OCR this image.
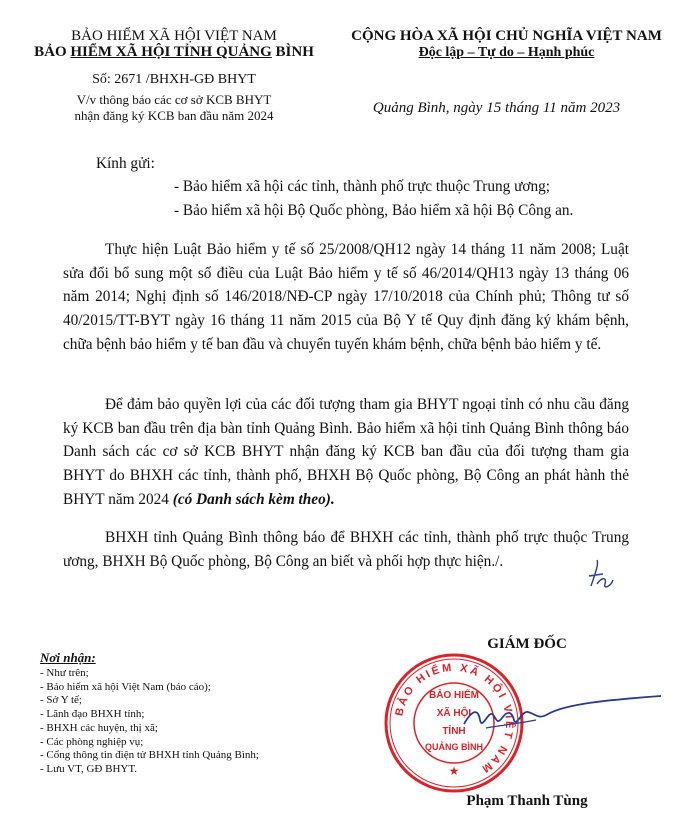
BẢO HIỂM XÃ HỘI VIỆT NAM
BẢO HIỂM XÃ HỘI TỈNH QUẢNG BÌNH
CỘNG HÒA XÃ HỘI CHỦ NGHĨA VIỆT NAM
Độc lập – Tự do – Hạnh phúc
Số: 2671 /BHXH-GĐ BHYT
V/v thông báo các cơ sở KCB BHYT
nhận đăng ký KCB ban đầu năm 2024	Quảng Bình, ngày 15 tháng 11 năm 2023
Kính gửi:
- Bảo hiểm xã hội các tỉnh, thành phố trực thuộc Trung ương;
- Bảo hiểm xã hội Bộ Quốc phòng, Bảo hiểm xã hội Bộ Công an.
Thực hiện Luật Bảo hiểm y tế số 25/2008/QH12 ngày 14 tháng 11 năm 2008; Luật sửa đổi bổ sung một số điều của Luật Bảo hiểm y tế số 46/2014/QH13 ngày 13 tháng 06 năm 2014; Nghị định số 146/2018/NĐ-CP ngày 17/10/2018 của Chính phủ; Thông tư số 40/2015/TT-BYT ngày 16 tháng 11 năm 2015 của Bộ Y tế Quy định đăng ký khám bệnh, chữa bệnh bảo hiểm y tế ban đầu và chuyển tuyến khám bệnh, chữa bệnh bảo hiểm y tế.
Để đảm bảo quyền lợi của các đối tượng tham gia BHYT ngoại tỉnh có nhu cầu đăng ký KCB ban đầu trên địa bàn tỉnh Quảng Bình. Bảo hiểm xã hội tỉnh Quảng Bình thông báo Danh sách các cơ sở KCB BHYT nhận đăng ký KCB ban đầu của đối tượng tham gia BHYT do BHXH các tỉnh, thành phố, BHXH Bộ Quốc phòng, Bộ Công an phát hành thẻ BHYT năm 2024 (có Danh sách kèm theo).
BHXH tỉnh Quảng Bình thông báo để BHXH các tỉnh, thành phố trực thuộc Trung ương, BHXH Bộ Quốc phòng, Bộ Công an biết và phối hợp thực hiện./.
Nơi nhận:
- Như trên;
- Bảo hiểm xã hội Việt Nam (báo cáo);
- Sở Y tế;
- Lãnh đạo BHXH tỉnh;
- BHXH các huyện, thị xã;
- Các phòng nghiệp vụ;
- Cổng thông tin điện tử BHXH tỉnh Quảng Bình;
- Lưu VT, GĐ BHYT.
GIÁM ĐỐC
BẢO HIỂM XÃ HỘI VIỆT NAM
BẢO HIỂM
XÃ HỘI
TỈNH
QUẢNG BÌNH
★
Phạm Thanh Tùng
